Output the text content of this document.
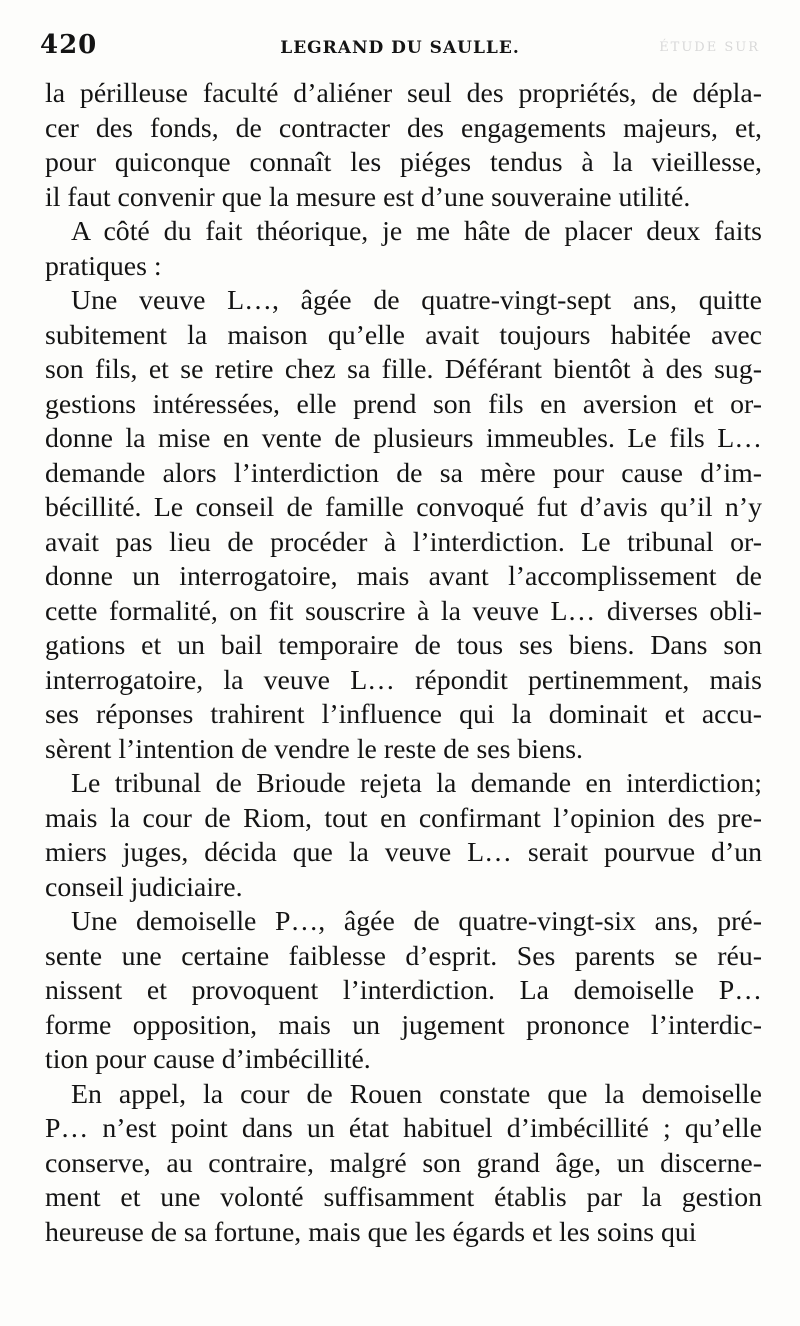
420	LEGRAND DU SAULLE.	ÉTUDE SUR

la périlleuse faculté d’aliéner seul des propriétés, de dépla-
cer des fonds, de contracter des engagements majeurs, et,
pour quiconque connaît les piéges tendus à la vieillesse,
il faut convenir que la mesure est d’une souveraine utilité.

A côté du fait théorique, je me hâte de placer deux faits
pratiques :

Une veuve L…, âgée de quatre-vingt-sept ans, quitte
subitement la maison qu’elle avait toujours habitée avec
son fils, et se retire chez sa fille. Déférant bientôt à des sug-
gestions intéressées, elle prend son fils en aversion et or-
donne la mise en vente de plusieurs immeubles. Le fils L…
demande alors l’interdiction de sa mère pour cause d’im-
bécillité. Le conseil de famille convoqué fut d’avis qu’il n’y
avait pas lieu de procéder à l’interdiction. Le tribunal or-
donne un interrogatoire, mais avant l’accomplissement de
cette formalité, on fit souscrire à la veuve L… diverses obli-
gations et un bail temporaire de tous ses biens. Dans son
interrogatoire, la veuve L… répondit pertinemment, mais
ses réponses trahirent l’influence qui la dominait et accu-
sèrent l’intention de vendre le reste de ses biens.

Le tribunal de Brioude rejeta la demande en interdiction;
mais la cour de Riom, tout en confirmant l’opinion des pre-
miers juges, décida que la veuve L… serait pourvue d’un
conseil judiciaire.

Une demoiselle P…, âgée de quatre-vingt-six ans, pré-
sente une certaine faiblesse d’esprit. Ses parents se réu-
nissent et provoquent l’interdiction. La demoiselle P…
forme opposition, mais un jugement prononce l’interdic-
tion pour cause d’imbécillité.

En appel, la cour de Rouen constate que la demoiselle
P… n’est point dans un état habituel d’imbécillité ; qu’elle
conserve, au contraire, malgré son grand âge, un discerne-
ment et une volonté suffisamment établis par la gestion
heureuse de sa fortune, mais que les égards et les soins qui
